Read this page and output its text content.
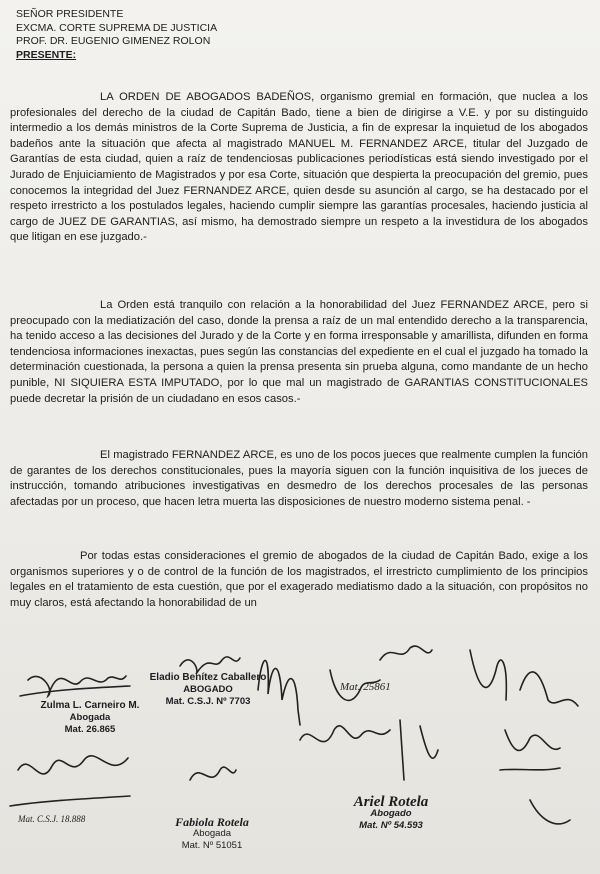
SEÑOR PRESIDENTE
EXCMA. CORTE SUPREMA DE JUSTICIA
PROF. DR. EUGENIO GIMENEZ ROLON
PRESENTE:

LA ORDEN DE ABOGADOS BADEÑOS, organismo gremial en formación, que nuclea a los profesionales del derecho de la ciudad de Capitán Bado, tiene a bien de dirigirse a V.E. y por su distinguido intermedio a los demás ministros de la Corte Suprema de Justicia, a fin de expresar la inquietud de los abogados badeños ante la situación que afecta al magistrado MANUEL M. FERNANDEZ ARCE, titular del Juzgado de Garantías de esta ciudad, quien a raíz de tendenciosas publicaciones periodísticas está siendo investigado por el Jurado de Enjuiciamiento de Magistrados y por esa Corte, situación que despierta la preocupación del gremio, pues conocemos la integridad del Juez FERNANDEZ ARCE, quien desde su asunción al cargo, se ha destacado por el respeto irrestricto a los postulados legales, haciendo cumplir siempre las garantías procesales, haciendo justicia al cargo de JUEZ DE GARANTIAS, así mismo, ha demostrado siempre un respeto a la investidura de los abogados que litigan en ese juzgado.-

La Orden está tranquilo con relación a la honorabilidad del Juez FERNANDEZ ARCE, pero si preocupado con la mediatización del caso, donde la prensa a raíz de un mal entendido derecho a la transparencia, ha tenido acceso a las decisiones del Jurado y de la Corte y en forma irresponsable y amarillista, difunden en forma tendenciosa informaciones inexactas, pues según las constancias del expediente en el cual el juzgado ha tomado la determinación cuestionada, la persona a quien la prensa presenta sin prueba alguna, como mandante de un hecho punible, NI SIQUIERA ESTA IMPUTADO, por lo que mal un magistrado de GARANTIAS CONSTITUCIONALES puede decretar la prisión de un ciudadano en esos casos.-

El magistrado FERNANDEZ ARCE, es uno de los pocos jueces que realmente cumplen la función de garantes de los derechos constitucionales, pues la mayoría siguen con la función inquisitiva de los jueces de instrucción, tomando atribuciones investigativas en desmedro de los derechos procesales de las personas afectadas por un proceso, que hacen letra muerta las disposiciones de nuestro moderno sistema penal. -

Por todas estas consideraciones el gremio de abogados de la ciudad de Capitán Bado, exige a los organismos superiores y o de control de la función de los magistrados, el irrestricto cumplimiento de los principios legales en el tratamiento de esta cuestión, que por el exagerado mediatismo dado a la situación, con propósitos no muy claros, está afectando la honorabilidad de un

Mat. 25861
Mat. C.S.J. 18.888
Zulma L. Carneiro M.
Abogada
Mat. 26.865
Eladio Benítez Caballero
ABOGADO
Mat. C.S.J. Nº 7703
Fabiola Rotela
Abogada
Mat. Nº 51051
Ariel Rotela
Abogado
Mat. Nº 54.593
